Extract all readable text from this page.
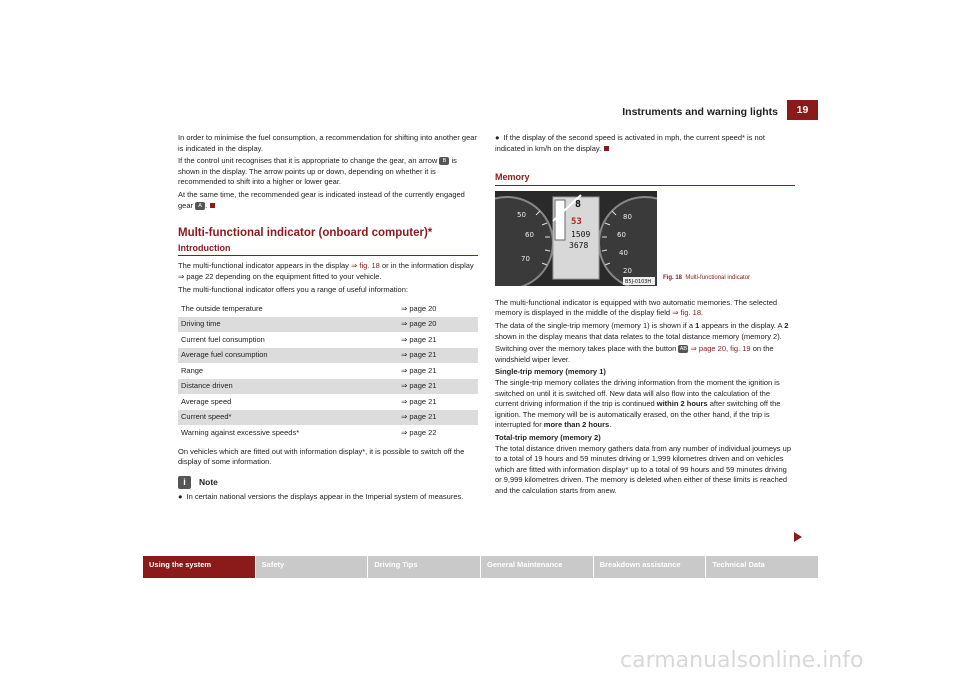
Instruments and warning lights	19

In order to minimise the fuel consumption, a recommendation for shifting into another gear is indicated in the display.

If the control unit recognises that it is appropriate to change the gear, an arrow B is shown in the display. The arrow points up or down, depending on whether it is recommended to shift into a higher or lower gear.

At the same time, the recommended gear is indicated instead of the currently engaged gear A .

Multi-functional indicator (onboard computer)*
Introduction

The multi-functional indicator appears in the display ⇒ fig. 18 or in the information display ⇒ page 22 depending on the equipment fitted to your vehicle.

The multi-functional indicator offers you a range of useful information:

The outside temperature	⇒ page 20
Driving time	⇒ page 20
Current fuel consumption	⇒ page 21
Average fuel consumption	⇒ page 21
Range	⇒ page 21
Distance driven	⇒ page 21
Average speed	⇒ page 21
Current speed*	⇒ page 21
Warning against excessive speeds*	⇒ page 22

On vehicles which are fitted out with information display*, it is possible to switch off the display of some information.

i	Note

● In certain national versions the displays appear in the Imperial system of measures.

● If the display of the second speed is activated in mph, the current speed* is not indicated in km/h on the display.

Memory
50
60
70
80
60
40
20
8
53
1509
3678
B5J-0103H
Fig. 18 Multi-functional indicator

The multi-functional indicator is equipped with two automatic memories. The selected memory is displayed in the middle of the display field ⇒ fig. 18.

The data of the single-trip memory (memory 1) is shown if a 1 appears in the display. A 2 shown in the display means that data relates to the total distance memory (memory 2).

Switching over the memory takes place with the button AB ⇒ page 20, fig. 19 on the windshield wiper lever.

Single-trip memory (memory 1)

The single-trip memory collates the driving information from the moment the ignition is switched on until it is switched off. New data will also flow into the calculation of the current driving information if the trip is continued within 2 hours after switching off the ignition. The memory will be is automatically erased, on the other hand, if the trip is interrupted for more than 2 hours.

Total-trip memory (memory 2)

The total distance driven memory gathers data from any number of individual journeys up to a total of 19 hours and 59 minutes driving or 1,999 kilometres driven and on vehicles which are fitted with information display* up to a total of 99 hours and 59 minutes driving or 9,999 kilometres driven. The memory is deleted when either of these limits is reached and the calculation starts from anew.

Using the system	Safety	Driving Tips	General Maintenance	Breakdown assistance	Technical Data
carmanualsonline.info
